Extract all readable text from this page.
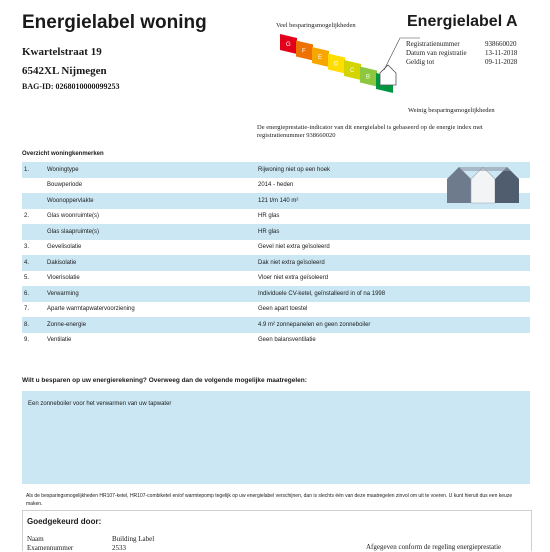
Energielabel woning
Kwartelstraat 19
6542XL Nijmegen
BAG-ID: 0268010000099253
Veel besparingsmogelijkheden
G
F
E
D
C
B
Weinig besparingsmogelijkheden
Energielabel A
Registratienummer	938660020
Datum van registratie	13-11-2018
Geldig tot	09-11-2028
De energieprestatie-indicator van dit energielabel is gebaseerd op de energie index met registratienummer 938660020
Overzicht woningkenmerken
1.	Woningtype	Rijwoning niet op een hoek
Bouwperiode	2014 - heden
Woonoppervlakte	121 t/m 140 m²
2.	Glas woonruimte(s)	HR glas
Glas slaapruimte(s)	HR glas
3.	Gevelisolatie	Gevel niet extra geïsoleerd
4.	Dakisolatie	Dak niet extra geïsoleerd
5.	Vloerisolatie	Vloer niet extra geïsoleerd
6.	Verwarming	Individuele CV-ketel, geïnstalleerd in of na 1998
7.	Aparte warmtapwatervoorziening	Geen apart toestel
8.	Zonne-energie	4.9 m² zonnepanelen en geen zonneboiler
9.	Ventilatie	Geen balansventilatie
Wilt u besparen op uw energierekening? Overweeg dan de volgende mogelijke maatregelen:
Een zonneboiler voor het verwarmen van uw tapwater
Als de besparingsmogelijkheden HR107-ketel, HR107-combiketel en/of warmtepomp tegelijk op uw energielabel verschijnen, dan is slechts één van deze maatregelen zinvol om uit te voeren. U kunt hieruit dus een keuze maken.
Goedgekeurd door:
Naam	Building Label
Examennummer	2533	Afgegeven conform de regeling energieprestatie
